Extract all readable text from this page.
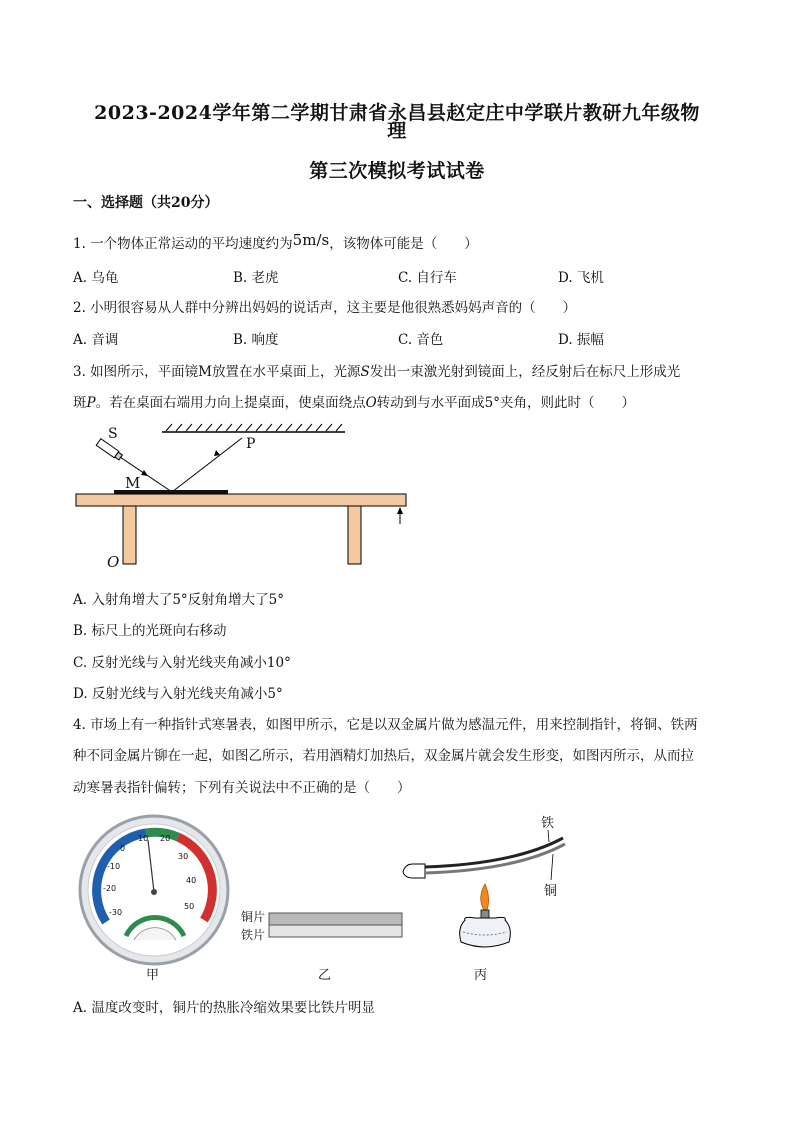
2023-2024学年第二学期甘肃省永昌县赵定庄中学联片教研九年级物
理
第三次模拟考试试卷
一、选择题（共20分）
1. 一个物体正常运动的平均速度约为5m/s，该物体可能是（　　）
A. 乌龟	B. 老虎	C. 自行车	D. 飞机
2. 小明很容易从人群中分辨出妈妈的说话声，这主要是他很熟悉妈妈声音的（　　）
A. 音调	B. 响度	C. 音色	D. 振幅
3. 如图所示，平面镜M放置在水平桌面上，光源S发出一束激光射到镜面上，经反射后在标尺上形成光
斑P。若在桌面右端用力向上提桌面，使桌面绕点O转动到与水平面成5°夹角，则此时（　　）
S
P
M
O
A. 入射角增大了5°反射角增大了5°
B. 标尺上的光斑向右移动
C. 反射光线与入射光线夹角减小10°
D. 反射光线与入射光线夹角减小5°
4. 市场上有一种指针式寒暑表，如图甲所示，它是以双金属片做为感温元件，用来控制指针，将铜、铁两
种不同金属片铆在一起，如图乙所示，若用酒精灯加热后，双金属片就会发生形变，如图丙所示，从而拉
动寒暑表指针偏转；下列有关说法中不正确的是（　　）
-30
-20
-10
0
10 20
30
40
50
甲
铜片
铁片
乙
铁
铜
丙
A. 温度改变时，铜片的热胀冷缩效果要比铁片明显
